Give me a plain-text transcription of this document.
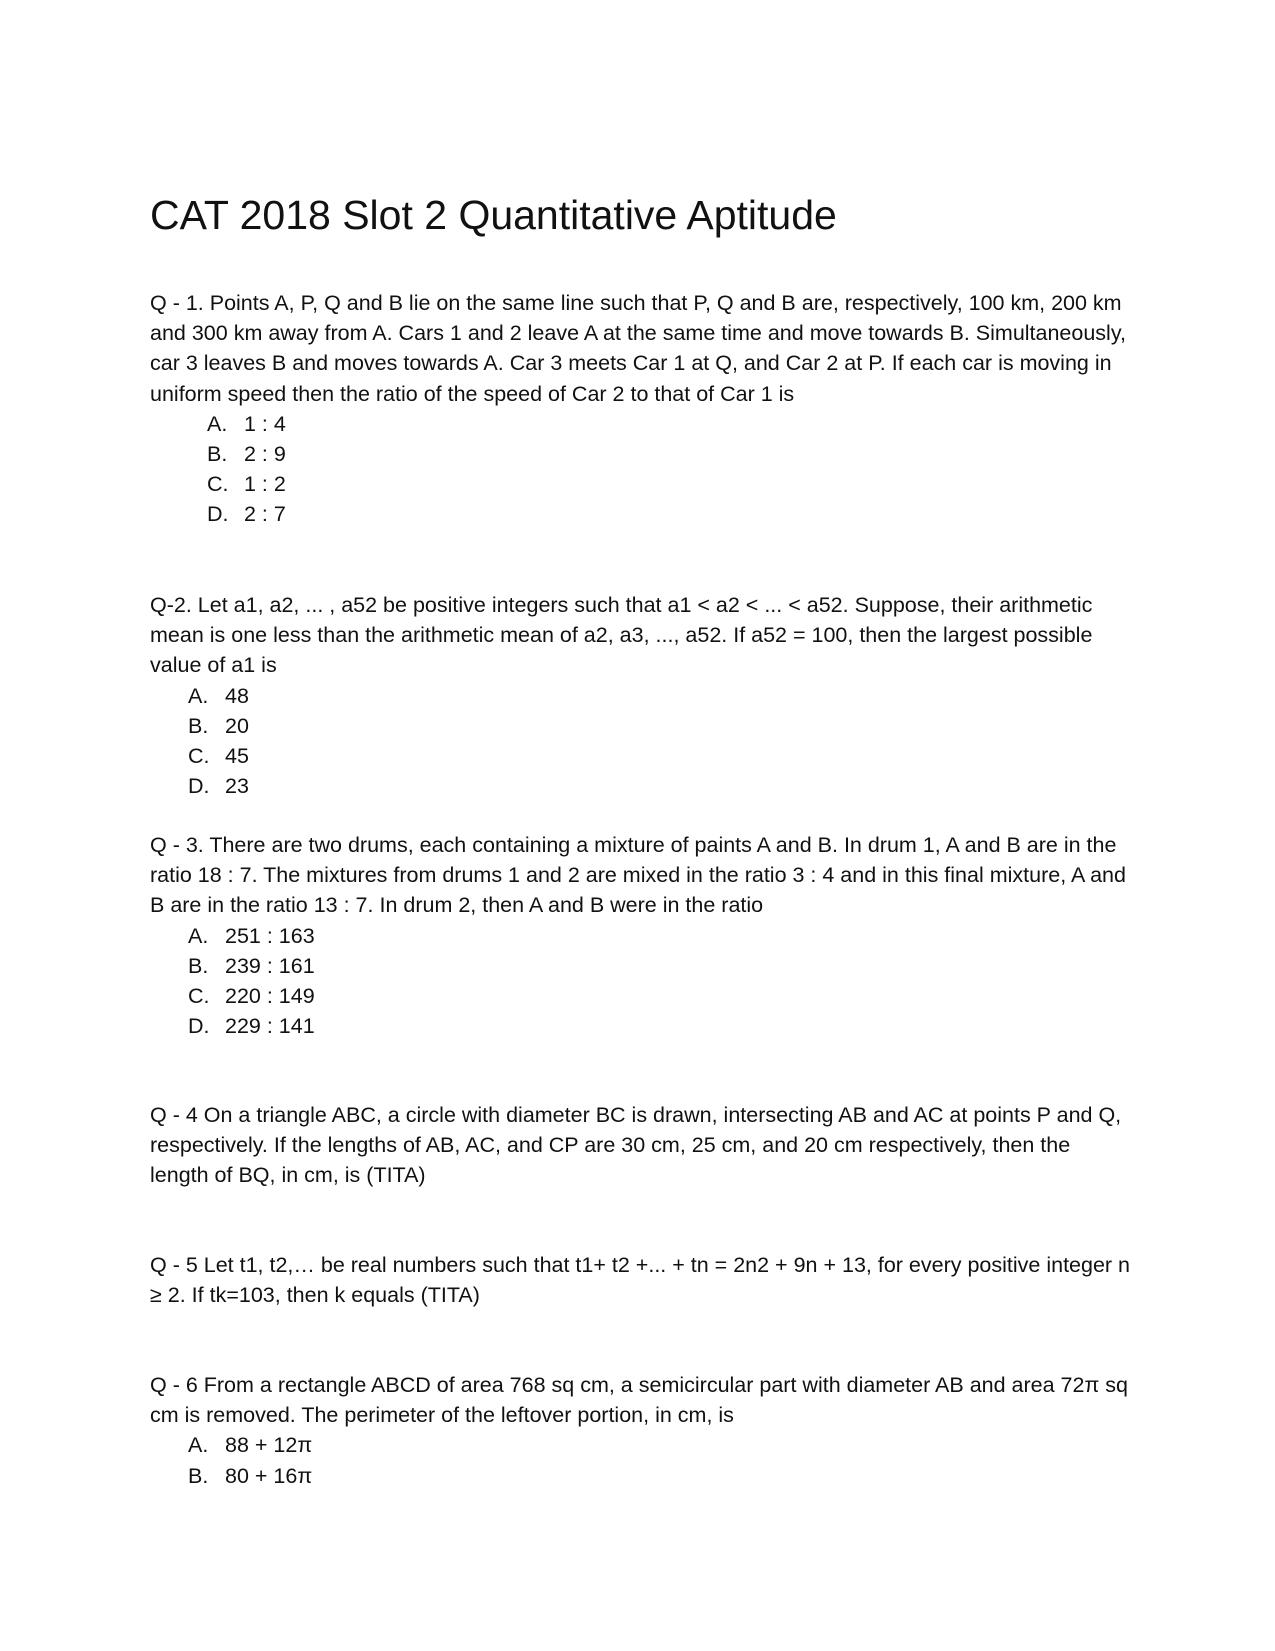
CAT 2018 Slot 2 Quantitative Aptitude

Q - 1. Points A, P, Q and B lie on the same line such that P, Q and B are, respectively, 100 km, 200 km and 300 km away from A. Cars 1 and 2 leave A at the same time and move towards B. Simultaneously, car 3 leaves B and moves towards A. Car 3 meets Car 1 at Q, and Car 2 at P. If each car is moving in uniform speed then the ratio of the speed of Car 2 to that of Car 1 is

A. 1 : 4
B. 2 : 9
C. 1 : 2
D. 2 : 7

Q-2. Let a1, a2, ... , a52 be positive integers such that a1 < a2 < ... < a52. Suppose, their arithmetic mean is one less than the arithmetic mean of a2, a3, ..., a52. If a52 = 100, then the largest possible value of a1 is

A. 48
B. 20
C. 45
D. 23

Q - 3. There are two drums, each containing a mixture of paints A and B. In drum 1, A and B are in the ratio 18 : 7. The mixtures from drums 1 and 2 are mixed in the ratio 3 : 4 and in this final mixture, A and B are in the ratio 13 : 7. In drum 2, then A and B were in the ratio

A. 251 : 163
B. 239 : 161
C. 220 : 149
D. 229 : 141

Q - 4 On a triangle ABC, a circle with diameter BC is drawn, intersecting AB and AC at points P and Q, respectively. If the lengths of AB, AC, and CP are 30 cm, 25 cm, and 20 cm respectively, then the length of BQ, in cm, is (TITA)

Q - 5 Let t1, t2,… be real numbers such that t1+ t2 +... + tn = 2n2 + 9n + 13, for every positive integer n ≥ 2. If tk=103, then k equals (TITA)

Q - 6 From a rectangle ABCD of area 768 sq cm, a semicircular part with diameter AB and area 72π sq cm is removed. The perimeter of the leftover portion, in cm, is

A. 88 + 12π
B. 80 + 16π
